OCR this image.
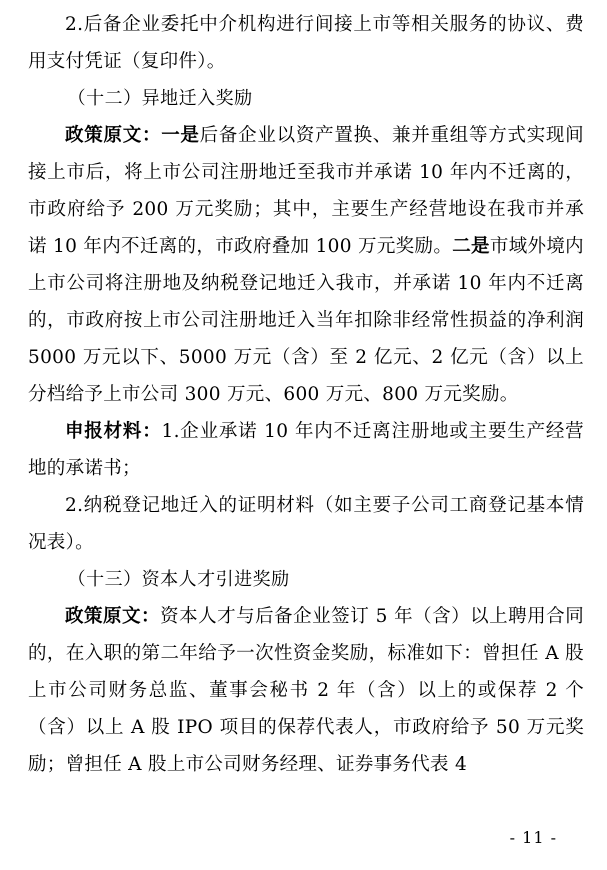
2.后备企业委托中介机构进行间接上市等相关服务的协议、费用支付凭证（复印件）。

（十二）异地迁入奖励

政策原文：一是后备企业以资产置换、兼并重组等方式实现间接上市后，将上市公司注册地迁至我市并承诺 10 年内不迁离的，市政府给予 200 万元奖励；其中，主要生产经营地设在我市并承诺 10 年内不迁离的，市政府叠加 100 万元奖励。二是市域外境内上市公司将注册地及纳税登记地迁入我市，并承诺 10 年内不迁离的，市政府按上市公司注册地迁入当年扣除非经常性损益的净利润 5000 万元以下、5000 万元（含）至 2 亿元、2 亿元（含）以上分档给予上市公司 300 万元、600 万元、800 万元奖励。

申报材料：1.企业承诺 10 年内不迁离注册地或主要生产经营地的承诺书；

2.纳税登记地迁入的证明材料（如主要子公司工商登记基本情况表）。

（十三）资本人才引进奖励

政策原文：资本人才与后备企业签订 5 年（含）以上聘用合同的，在入职的第二年给予一次性资金奖励，标准如下：曾担任 A 股上市公司财务总监、董事会秘书 2 年（含）以上的或保荐 2 个（含）以上 A 股 IPO 项目的保荐代表人，市政府给予 50 万元奖励；曾担任 A 股上市公司财务经理、证券事务代表 4

- 11 -
